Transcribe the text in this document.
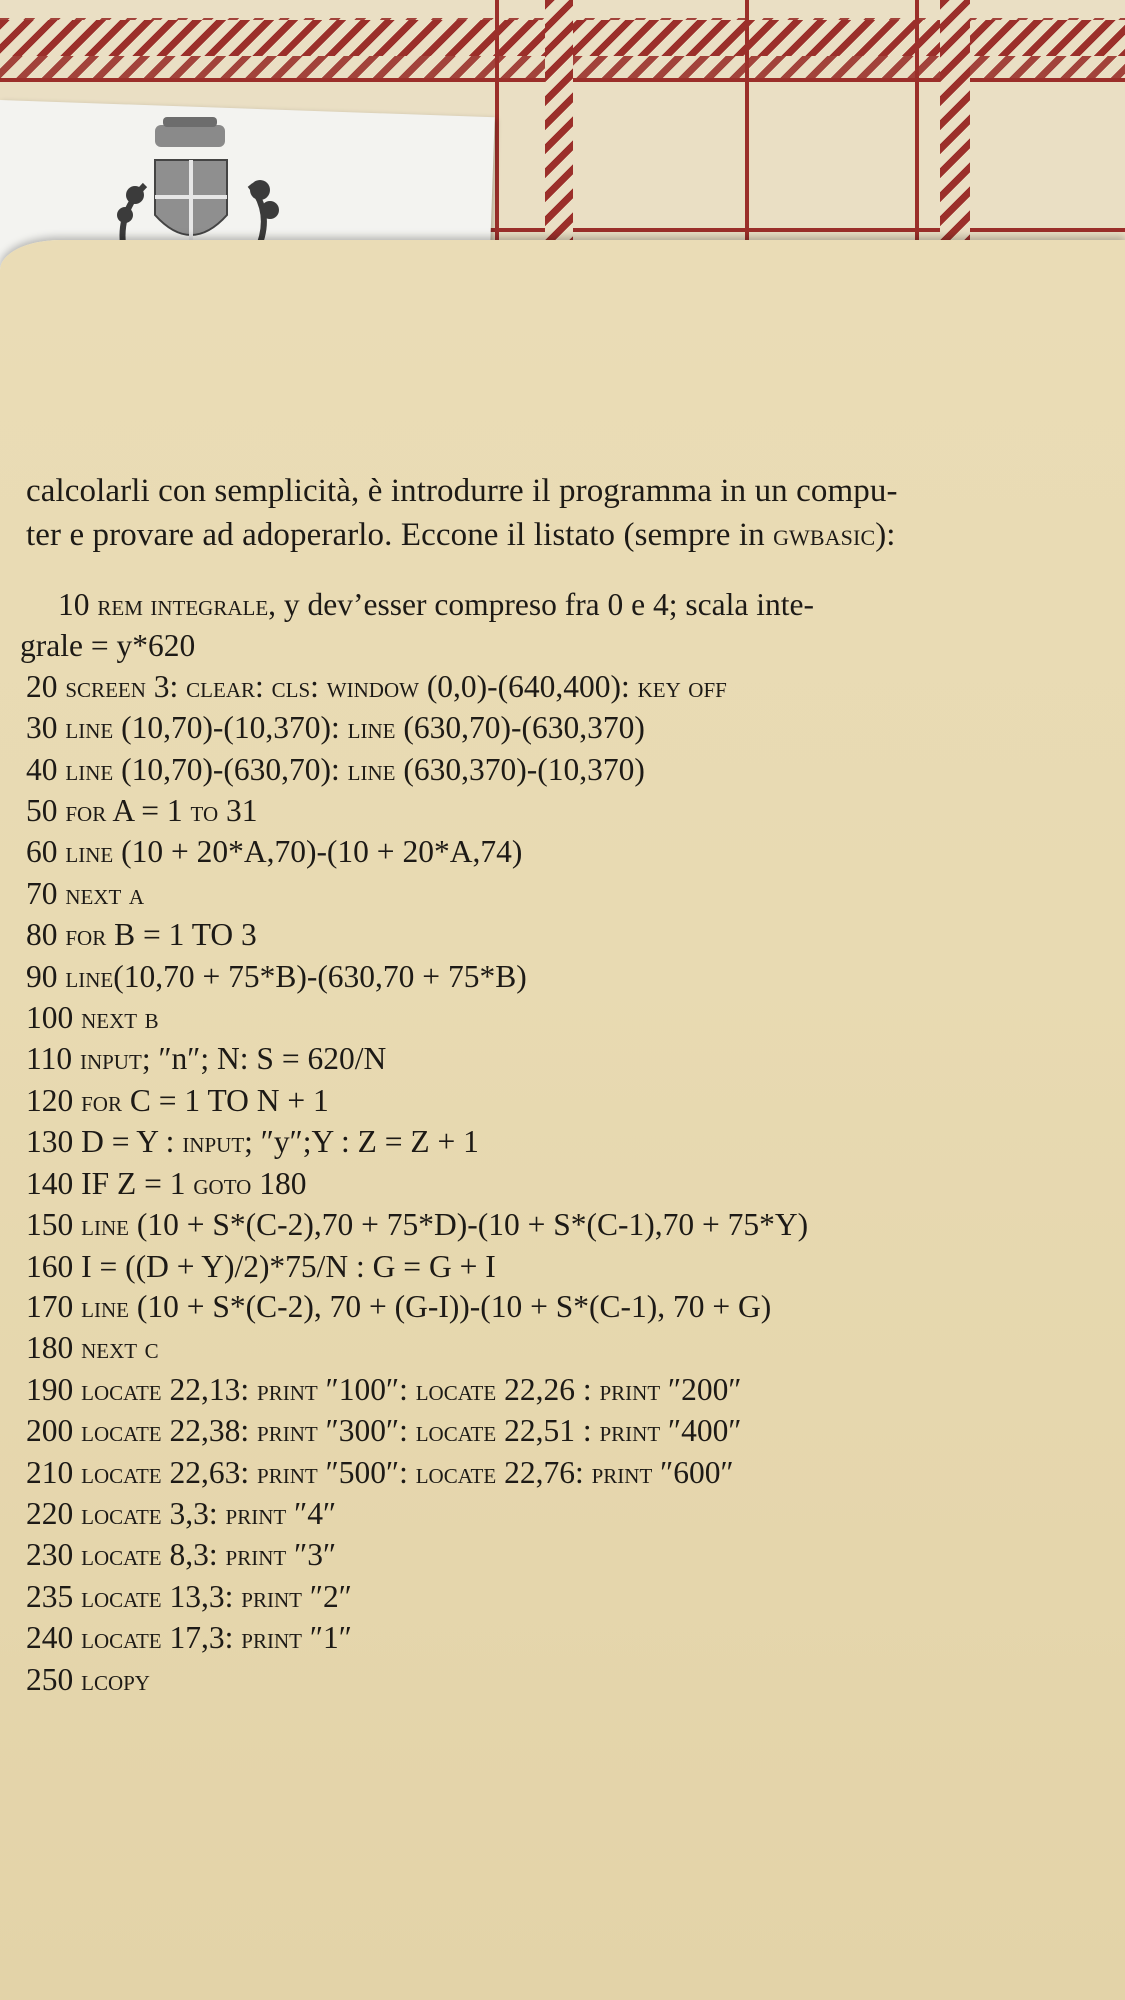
calcolarli con semplicità, è introdurre il programma in un compu-
ter e provare ad adoperarlo. Eccone il listato (sempre in gwbasic):

10 rem integrale, y dev’esser compreso fra 0 e 4; scala inte-
grale = y*620
20 screen 3: clear: cls: window (0,0)-(640,400): key off
30 line (10,70)-(10,370): line (630,70)-(630,370)
40 line (10,70)-(630,70): line (630,370)-(10,370)
50 for A = 1 to 31
60 line (10 + 20*A,70)-(10 + 20*A,74)
70 next a
80 for B = 1 TO 3
90 line(10,70 + 75*B)-(630,70 + 75*B)
100 next b
110 input; ″n″; N: S = 620/N
120 for C = 1 TO N + 1
130 D = Y : input; ″y″;Y : Z = Z + 1
140 IF Z = 1 goto 180
150 line (10 + S*(C-2),70 + 75*D)-(10 + S*(C-1),70 + 75*Y)
160 I = ((D + Y)/2)*75/N : G = G + I
170 line (10 + S*(C-2), 70 + (G-I))-(10 + S*(C-1), 70 + G)
180 next c
190 locate 22,13: print ″100″: locate 22,26 : print ″200″
200 locate 22,38: print ″300″: locate 22,51 : print ″400″
210 locate 22,63: print ″500″: locate 22,76: print ″600″
220 locate 3,3: print ″4″
230 locate 8,3: print ″3″
235 locate 13,3: print ″2″
240 locate 17,3: print ″1″
250 lcopy
